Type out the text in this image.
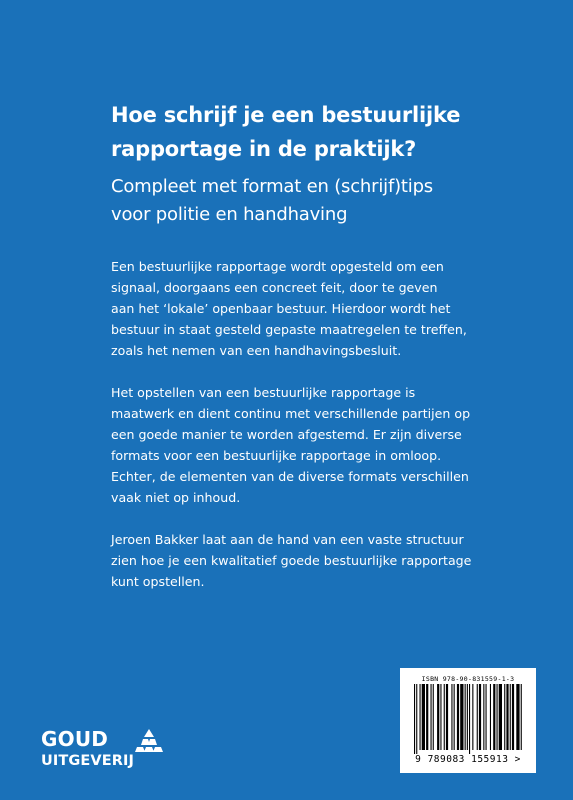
Hoe schrijf je een bestuurlijke
rapportage in de praktijk?
Compleet met format en (schrijf)tips
voor politie en handhaving

Een bestuurlijke rapportage wordt opgesteld om een
signaal, doorgaans een concreet feit, door te geven
aan het ‘lokale’ openbaar bestuur. Hierdoor wordt het
bestuur in staat gesteld gepaste maatregelen te treffen,
zoals het nemen van een handhavingsbesluit.

Het opstellen van een bestuurlijke rapportage is
maatwerk en dient continu met verschillende partijen op
een goede manier te worden afgestemd. Er zijn diverse
formats voor een bestuurlijke rapportage in omloop.
Echter, de elementen van de diverse formats verschillen
vaak niet op inhoud.

Jeroen Bakker laat aan de hand van een vaste structuur
zien hoe je een kwalitatief goede bestuurlijke rapportage
kunt opstellen.

GOUD
UITGEVERIJ
ISBN 978-90-831559-1-3
9 789083 155913 >
